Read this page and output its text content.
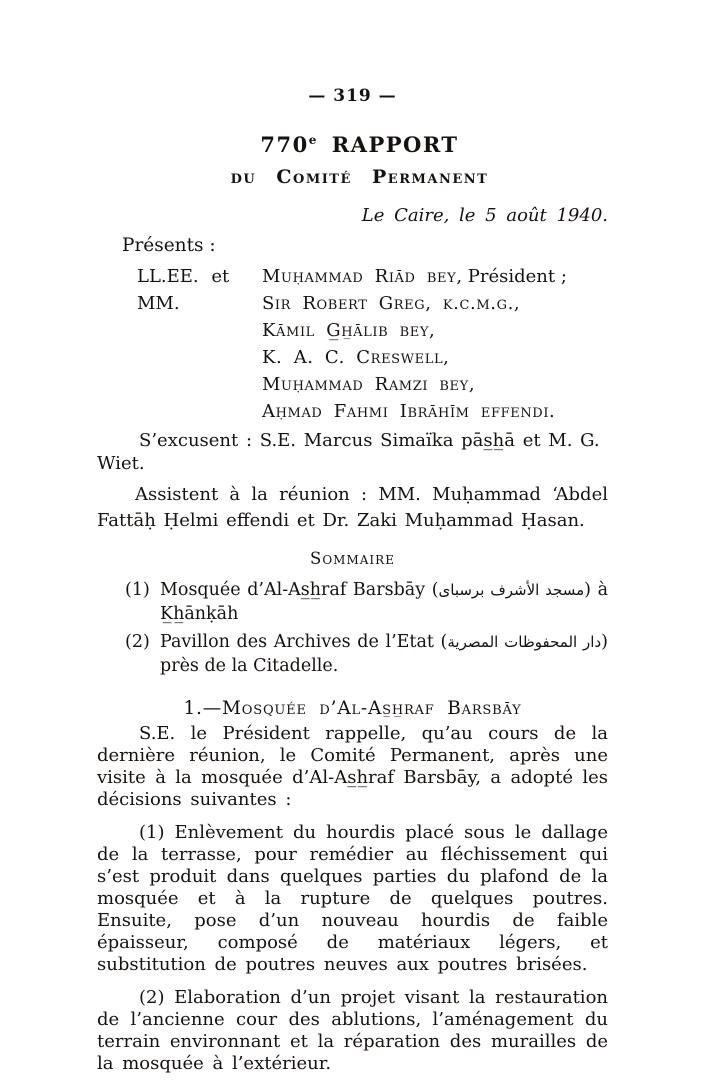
— 319 —
770e RAPPORT
du Comité Permanent
Le Caire, le 5 août 1940.
Présents :
LL.EE. et MM.
Muḥammad Riād bey, Président ;
Sir Robert Greg, k.c.m.g.,
Kāmil G̲h̲ālib bey,
K. A. C. Creswell,
Muḥammad Ramzi bey,
Aḥmad Fahmi Ibrāhīm effendi.
S’excusent : S.E. Marcus Simaïka pās̲h̲ā et M. G. Wiet.
Assistent à la réunion : MM. Muḥammad ‘Abdel Fattāḥ Ḥelmi effendi et Dr. Zaki Muḥammad Ḥasan.
Sommaire
(1) Mosquée d’Al-As̲h̲raf Barsbāy (مسجد الأشرف برسباى) à K̲h̲ānḳāh
(2) Pavillon des Archives de l’Etat (دار المحفوظات المصرية) près de la Citadelle.
1.—Mosquée d’Al-As̲h̲raf Barsbāy

S.E. le Président rappelle, qu’au cours de la dernière réunion, le Comité Permanent, après une visite à la mosquée d’Al-As̲h̲raf Barsbāy, a adopté les décisions suivantes :

(1) Enlèvement du hourdis placé sous le dallage de la terrasse, pour remédier au fléchissement qui s’est produit dans quelques parties du plafond de la mosquée et à la rupture de quelques poutres. Ensuite, pose d’un nouveau hourdis de faible épaisseur, composé de matériaux légers, et substitution de poutres neuves aux poutres brisées.

(2) Elaboration d’un projet visant la restauration de l’ancienne cour des ablutions, l’aménagement du terrain environnant et la réparation des murailles de la mosquée à l’extérieur.
